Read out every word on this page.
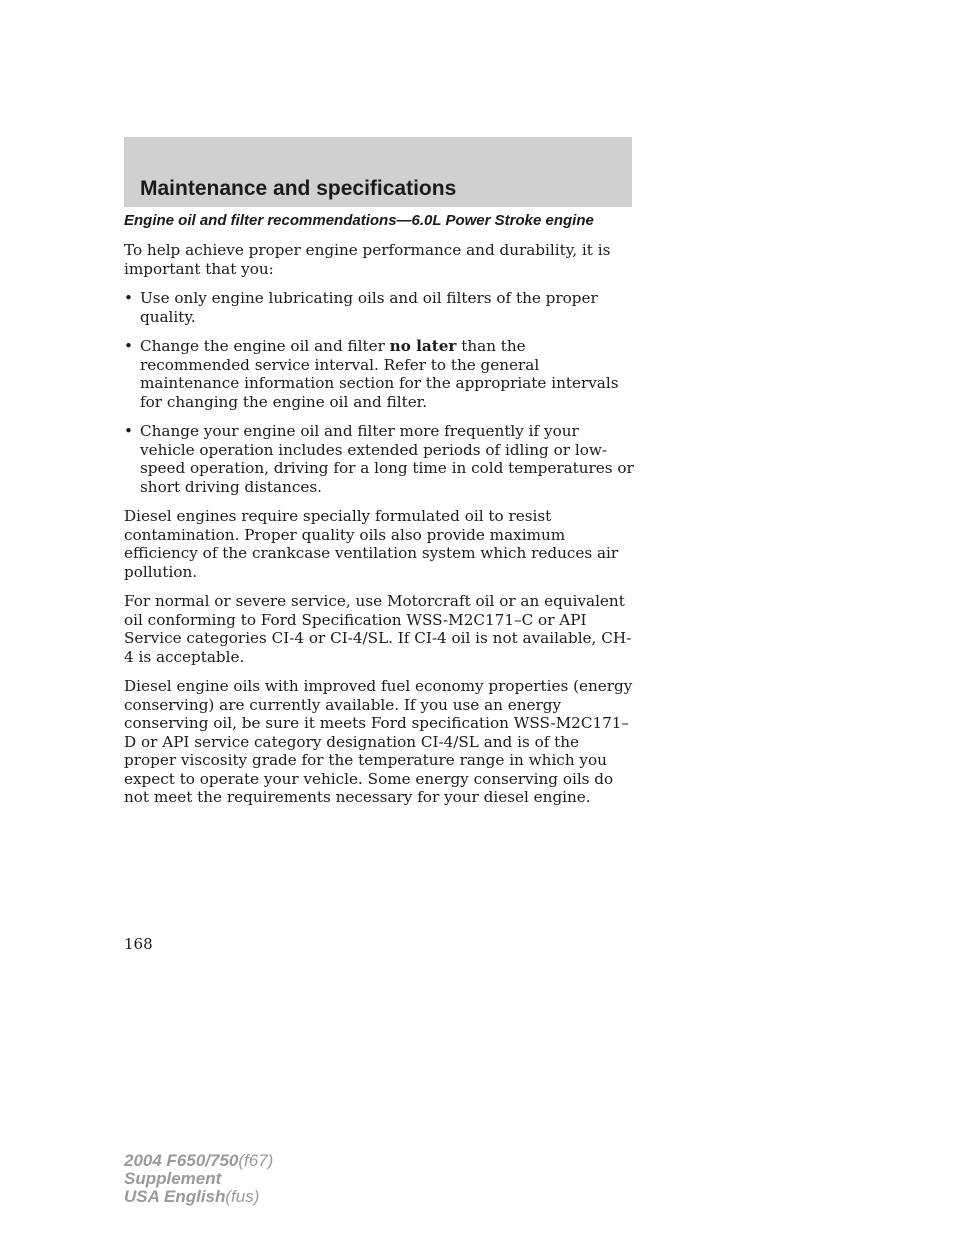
Maintenance and specifications
Engine oil and filter recommendations—6.0L Power Stroke engine

To help achieve proper engine performance and durability, it is important that you:

• Use only engine lubricating oils and oil filters of the proper quality.
• Change the engine oil and filter no later than the recommended service interval. Refer to the general maintenance information section for the appropriate intervals for changing the engine oil and filter.
• Change your engine oil and filter more frequently if your vehicle operation includes extended periods of idling or low-speed operation, driving for a long time in cold temperatures or short driving distances.

Diesel engines require specially formulated oil to resist contamination. Proper quality oils also provide maximum efficiency of the crankcase ventilation system which reduces air pollution.

For normal or severe service, use Motorcraft oil or an equivalent oil conforming to Ford Specification WSS-M2C171–C or API Service categories CI-4 or CI-4/SL. If CI-4 oil is not available, CH-4 is acceptable.

Diesel engine oils with improved fuel economy properties (energy conserving) are currently available. If you use an energy conserving oil, be sure it meets Ford specification WSS-M2C171–D or API service category designation CI-4/SL and is of the proper viscosity grade for the temperature range in which you expect to operate your vehicle. Some energy conserving oils do not meet the requirements necessary for your diesel engine.

168
2004 F650/750(f67)
Supplement
USA English(fus)
